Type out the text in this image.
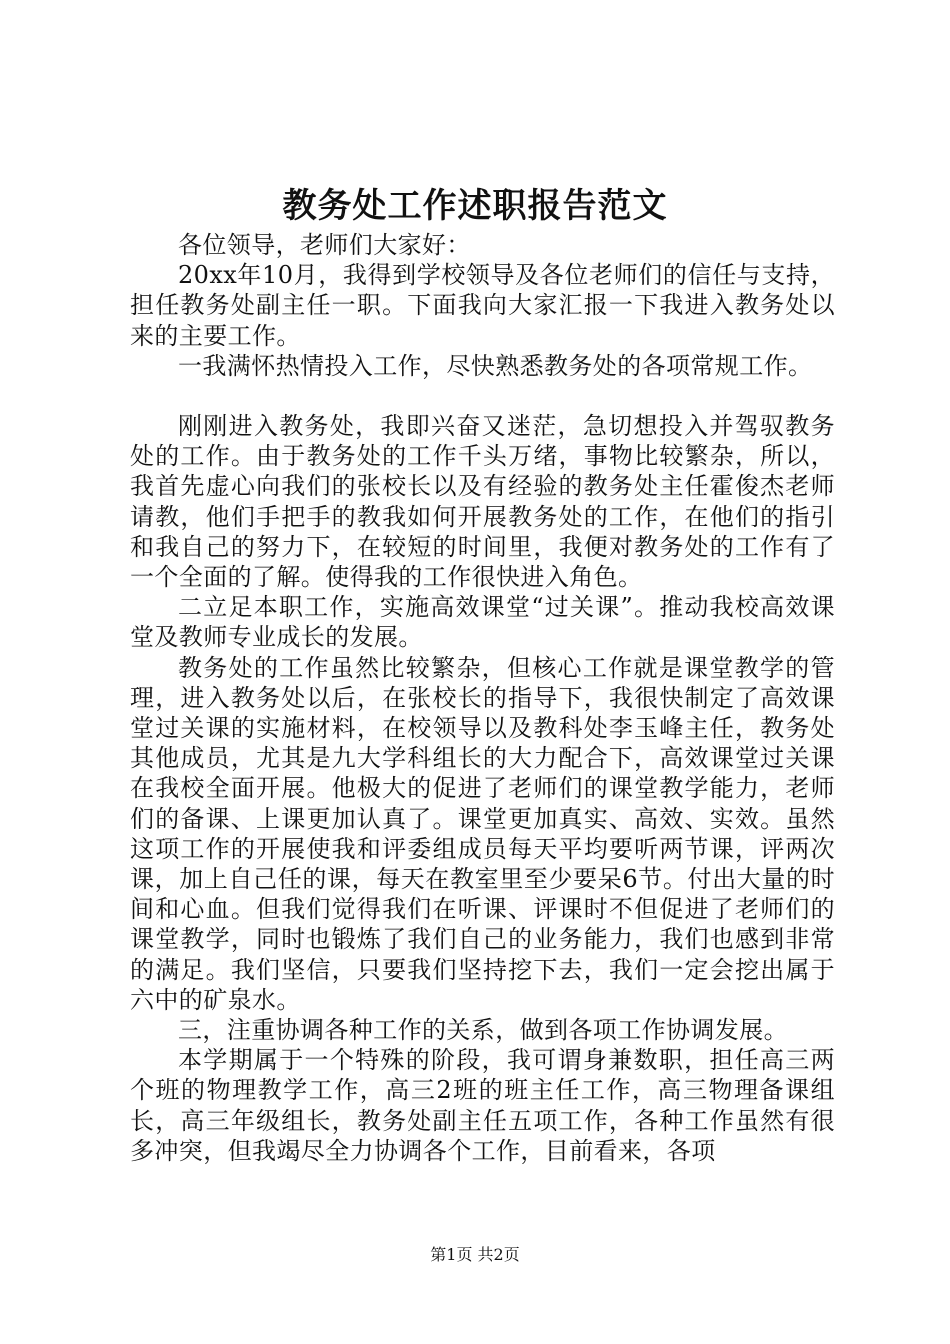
教务处工作述职报告范文

各位领导，老师们大家好：

20xx年10月，我得到学校领导及各位老师们的信任与支持，担任教务处副主任一职。下面我向大家汇报一下我进入教务处以来的主要工作。

一我满怀热情投入工作，尽快熟悉教务处的各项常规工作。

刚刚进入教务处，我即兴奋又迷茫，急切想投入并驾驭教务处的工作。由于教务处的工作千头万绪，事物比较繁杂，所以，我首先虚心向我们的张校长以及有经验的教务处主任霍俊杰老师请教，他们手把手的教我如何开展教务处的工作，在他们的指引和我自己的努力下，在较短的时间里，我便对教务处的工作有了一个全面的了解。使得我的工作很快进入角色。

二立足本职工作，实施高效课堂“过关课”。推动我校高效课堂及教师专业成长的发展。

教务处的工作虽然比较繁杂，但核心工作就是课堂教学的管理，进入教务处以后，在张校长的指导下，我很快制定了高效课堂过关课的实施材料，在校领导以及教科处李玉峰主任，教务处其他成员，尤其是九大学科组长的大力配合下，高效课堂过关课在我校全面开展。他极大的促进了老师们的课堂教学能力，老师们的备课、上课更加认真了。课堂更加真实、高效、实效。虽然这项工作的开展使我和评委组成员每天平均要听两节课，评两次课，加上自己任的课，每天在教室里至少要呆6节。付出大量的时间和心血。但我们觉得我们在听课、评课时不但促进了老师们的课堂教学，同时也锻炼了我们自己的业务能力，我们也感到非常的满足。我们坚信，只要我们坚持挖下去，我们一定会挖出属于六中的矿泉水。

三，注重协调各种工作的关系，做到各项工作协调发展。

本学期属于一个特殊的阶段，我可谓身兼数职，担任高三两个班的物理教学工作，高三2班的班主任工作，高三物理备课组长，高三年级组长，教务处副主任五项工作，各种工作虽然有很多冲突，但我竭尽全力协调各个工作，目前看来，各项

第1页 共2页
